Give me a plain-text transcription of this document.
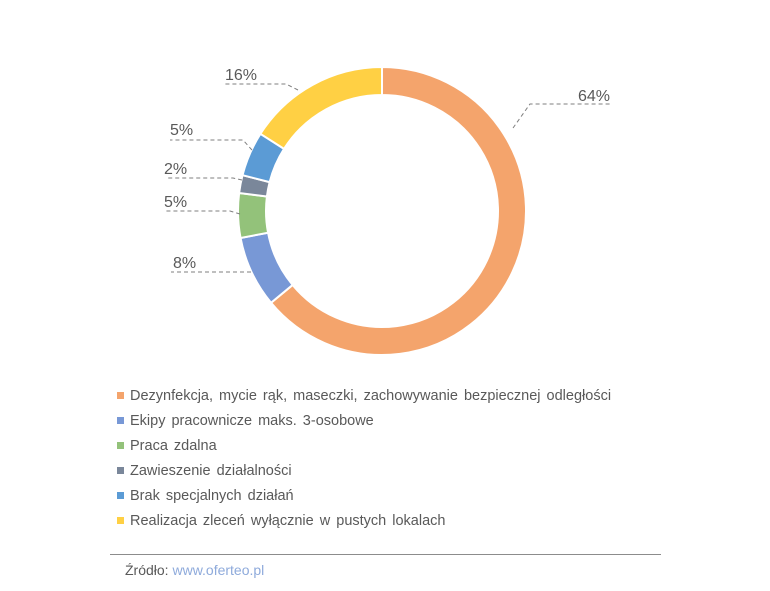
64%
8%
5%
2%
5%
16%
Dezynfekcja, mycie rąk, maseczki, zachowywanie bezpiecznej odległości
Ekipy pracownicze maks. 3-osobowe
Praca zdalna
Zawieszenie działalności
Brak specjalnych działań
Realizacja zleceń wyłącznie w pustych lokalach
Źródło: www.oferteo.pl
